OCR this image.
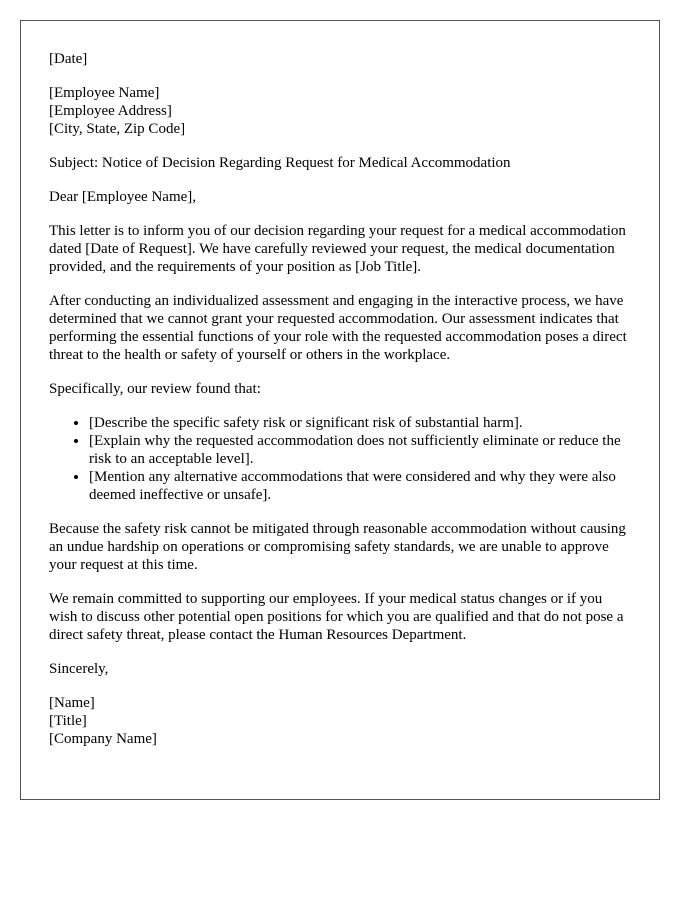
[Date]
[Employee Name]
[Employee Address]
[City, State, Zip Code]

Subject: Notice of Decision Regarding Request for Medical Accommodation

Dear [Employee Name],

This letter is to inform you of our decision regarding your request for a medical accommodation dated [Date of Request]. We have carefully reviewed your request, the medical documentation provided, and the requirements of your position as [Job Title].

After conducting an individualized assessment and engaging in the interactive process, we have determined that we cannot grant your requested accommodation. Our assessment indicates that performing the essential functions of your role with the requested accommodation poses a direct threat to the health or safety of yourself or others in the workplace.

Specifically, our review found that:

• [Describe the specific safety risk or significant risk of substantial harm].
• [Explain why the requested accommodation does not sufficiently eliminate or reduce the risk to an acceptable level].
• [Mention any alternative accommodations that were considered and why they were also deemed ineffective or unsafe].

Because the safety risk cannot be mitigated through reasonable accommodation without causing an undue hardship on operations or compromising safety standards, we are unable to approve your request at this time.

We remain committed to supporting our employees. If your medical status changes or if you wish to discuss other potential open positions for which you are qualified and that do not pose a direct safety threat, please contact the Human Resources Department.

Sincerely,

[Name]
[Title]
[Company Name]
